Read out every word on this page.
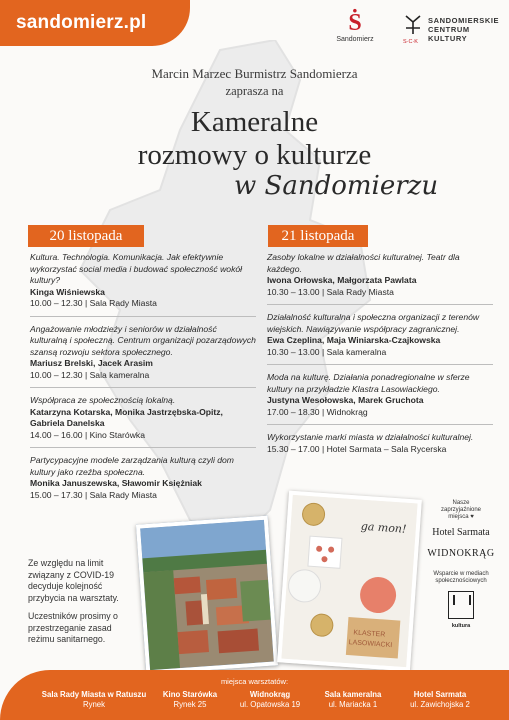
sandomierz.pl	Ṡ
Sandomierz	S·C·K
SANDOMIERSKIE
CENTRUM
KULTURY
Marcin Marzec Burmistrz Sandomierza
zaprasza na
Kameralne
rozmowy o kulturze
w Sandomierzu
20 listopada	21 listopada
Kultura. Technologia. Komunikacja. Jak efektywnie wykorzystać social media i budować społeczność wokół kultury?
Kinga Wiśniewska
10.00 – 12.30 | Sala Rady Miasta
Angażowanie młodzieży i seniorów w działalność kulturalną i społeczną. Centrum organizacji pozarządowych szansą rozwoju sektora społecznego.
Mariusz Brelski, Jacek Arasim
10.00 – 12.30 | Sala kameralna
Współpraca ze społecznością lokalną.
Katarzyna Kotarska, Monika Jastrzębska-Opitz, Gabriela Danelska
14.00 – 16.00 | Kino Starówka
Partycypacyjne modele zarządzania kulturą czyli dom kultury jako rzeźba społeczna.
Monika Januszewska, Sławomir Księżniak
15.00 – 17.30 | Sala Rady Miasta
Zasoby lokalne w działalności kulturalnej. Teatr dla każdego.
Iwona Orłowska, Małgorzata Pawlata
10.30 – 13.00 | Sala Rady Miasta
Działalność kulturalna i społeczna organizacji z terenów wiejskich. Nawiązywanie współpracy zagranicznej.
Ewa Czeplina, Maja Winiarska-Czajkowska
10.30 – 13.00 | Sala kameralna
Moda na kulturę. Działania ponadregionalne w sferze kultury na przykładzie Klastra Lasowiackiego.
Justyna Wesołowska, Marek Gruchota
17.00 – 18.30 | Widnokrąg
Wykorzystanie marki miasta w działalności kulturalnej.
15.30 – 17.00 | Hotel Sarmata – Sala Rycerska
Ze względu na limit związany z COVID-19 decyduje kolejność przybycia na warsztaty.
Uczestników prosimy o przestrzeganie zasad reżimu sanitarnego.	KLASTER
LASOWIACKI
ga mon!
Nasze
zaprzyjaźnione
miejsca ♥
Hotel Sarmata
WIDNOKRĄG
Wsparcie w mediach
społecznościowych
kultura
miejsca warsztatów:
Sala Rady Miasta w Ratuszu
Rynek
Kino Starówka
Rynek 25
Widnokrąg
ul. Opatowska 19
Sala kameralna
ul. Mariacka 1
Hotel Sarmata
ul. Zawichojska 2
